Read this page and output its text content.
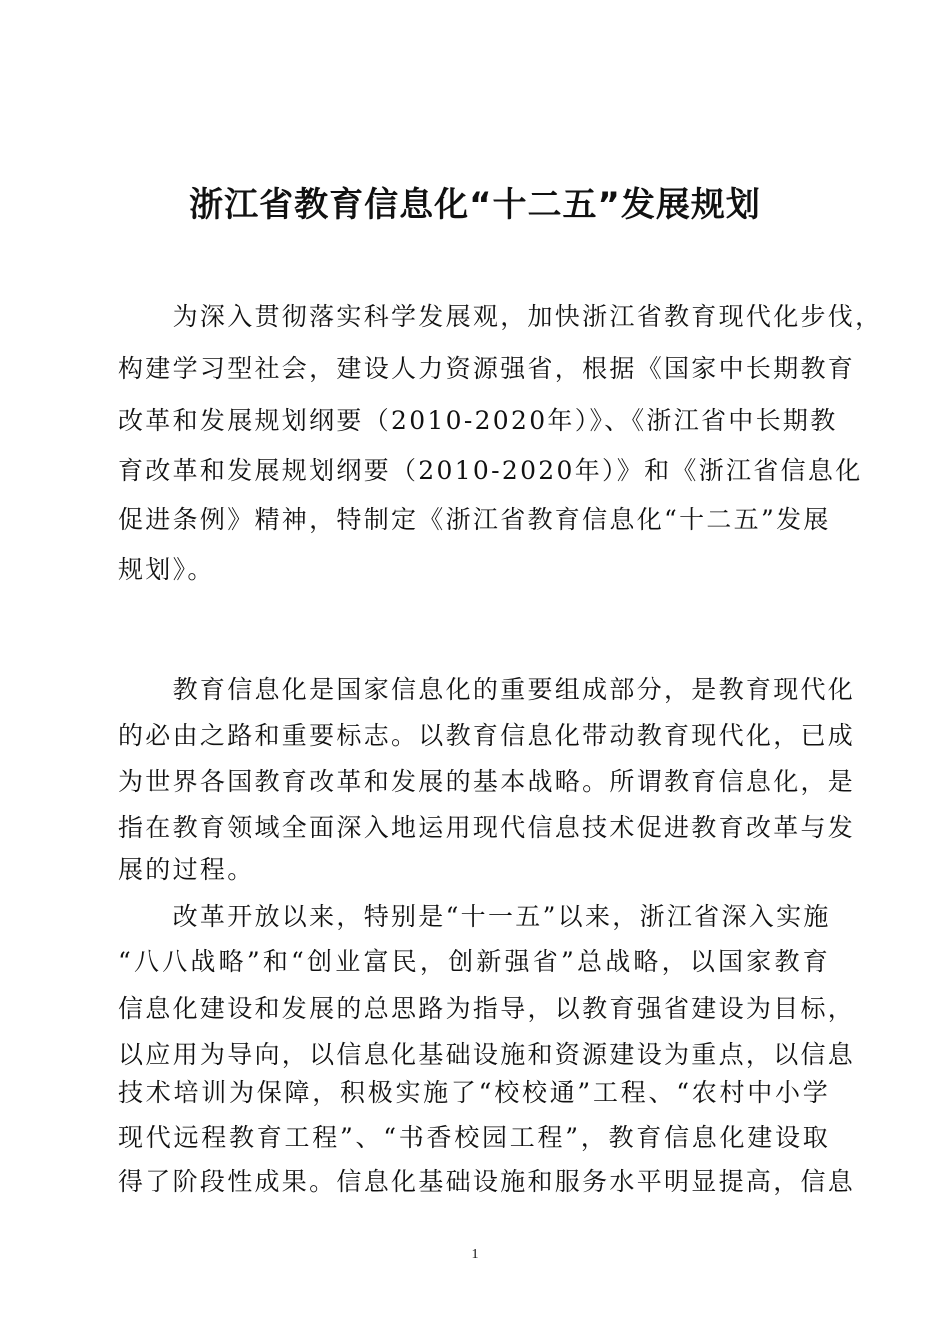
浙江省教育信息化“十二五”发展规划
　　为深入贯彻落实科学发展观，加快浙江省教育现代化步伐，
构建学习型社会，建设人力资源强省，根据《国家中长期教育
改革和发展规划纲要（2010-2020年）》、《浙江省中长期教
育改革和发展规划纲要（2010-2020年）》和《浙江省信息化
促进条例》精神，特制定《浙江省教育信息化“十二五”发展
规划》。
　　教育信息化是国家信息化的重要组成部分，是教育现代化
的必由之路和重要标志。以教育信息化带动教育现代化，已成
为世界各国教育改革和发展的基本战略。所谓教育信息化，是
指在教育领域全面深入地运用现代信息技术促进教育改革与发
展的过程。
　　改革开放以来，特别是“十一五”以来，浙江省深入实施
“八八战略”和“创业富民，创新强省”总战略，以国家教育
信息化建设和发展的总思路为指导，以教育强省建设为目标，
以应用为导向，以信息化基础设施和资源建设为重点，以信息
技术培训为保障，积极实施了“校校通”工程、“农村中小学
现代远程教育工程”、“书香校园工程”，教育信息化建设取
得了阶段性成果。信息化基础设施和服务水平明显提高，信息
1
